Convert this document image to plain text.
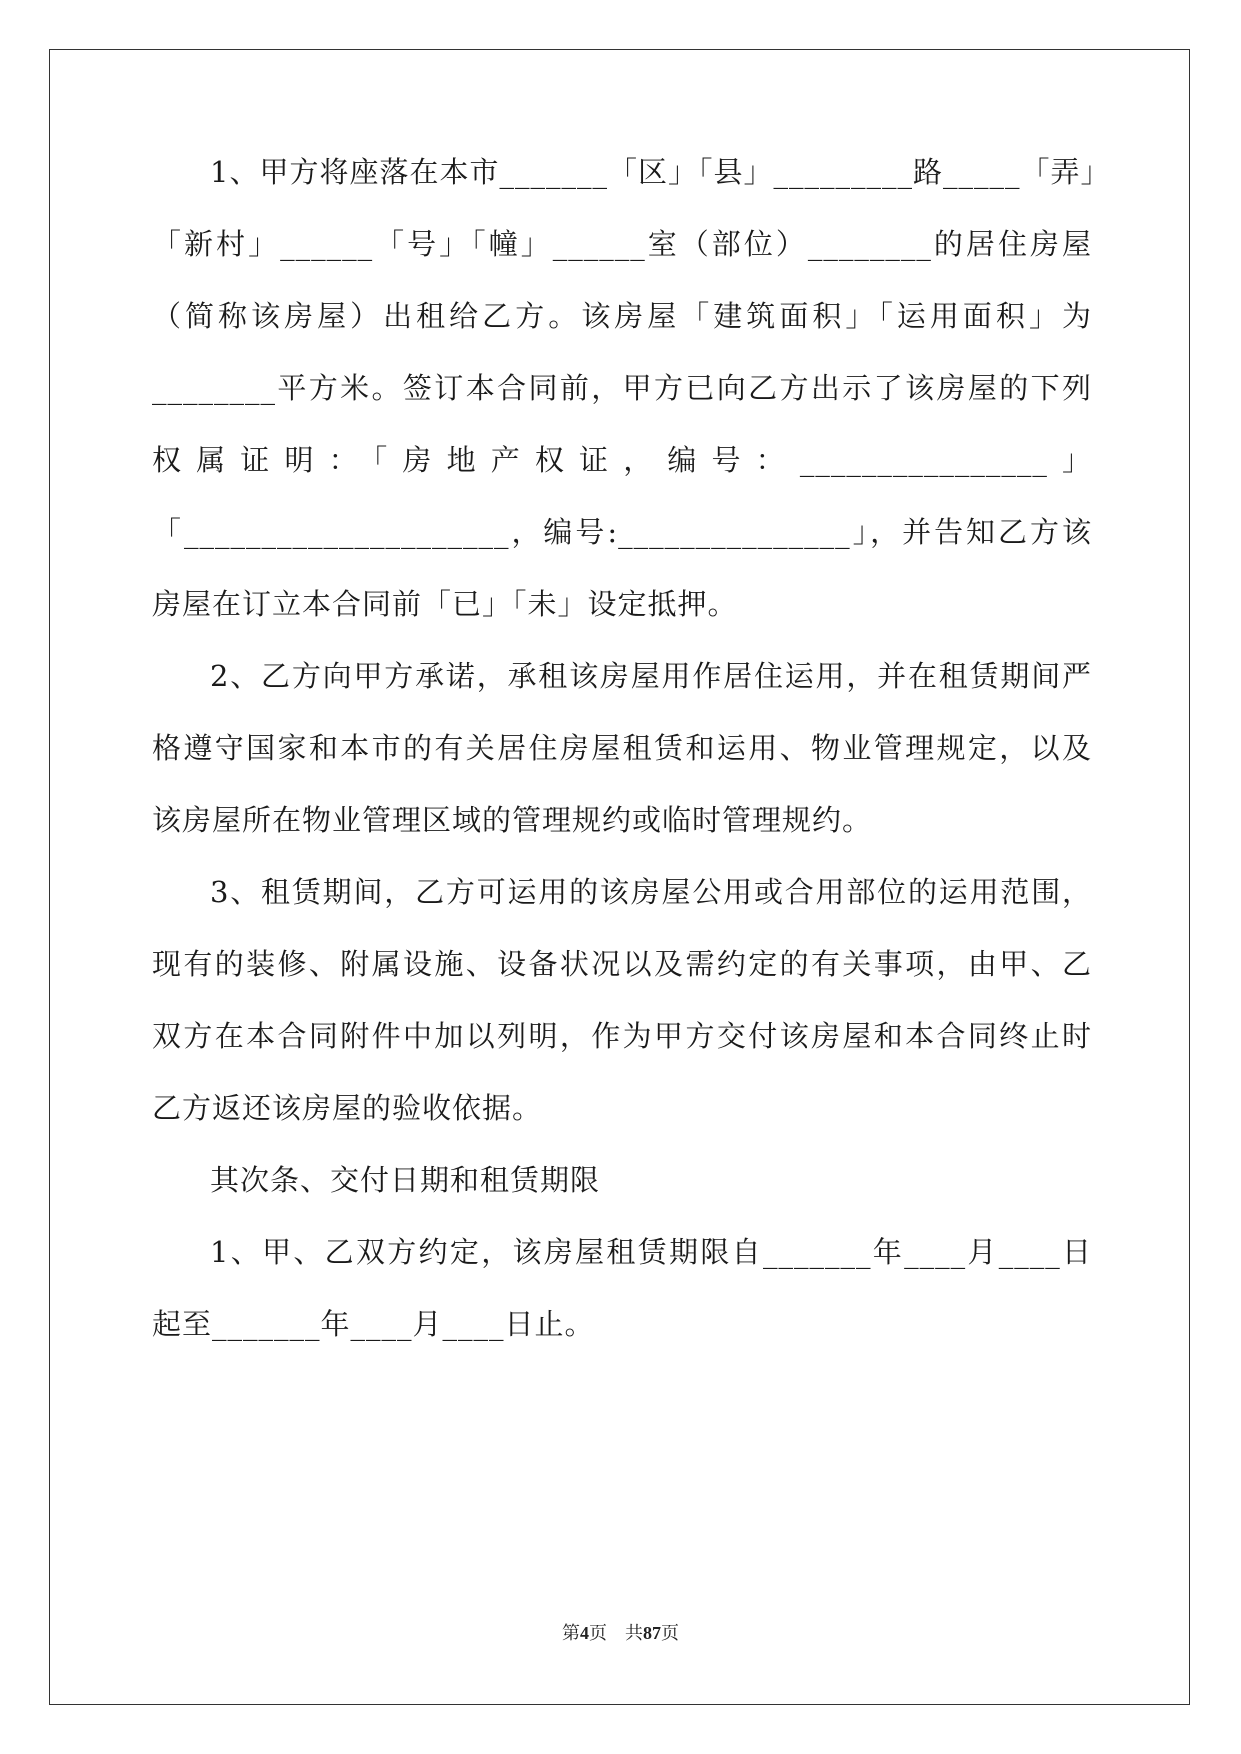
1、甲方将座落在本市_______「区」「县」_________路_____「弄」
「新村」______「号」「幢」______室（部位）________的居住房屋
（简称该房屋）出租给乙方。该房屋「建筑面积」「运用面积」为
________平方米。签订本合同前，甲方已向乙方出示了该房屋的下列
权属证明：「房地产权证，编号：________________」
「_____________________，编号:_______________」，并告知乙方该
房屋在订立本合同前「已」「未」设定抵押。
2、乙方向甲方承诺，承租该房屋用作居住运用，并在租赁期间严
格遵守国家和本市的有关居住房屋租赁和运用、物业管理规定，以及
该房屋所在物业管理区域的管理规约或临时管理规约。
3、租赁期间，乙方可运用的该房屋公用或合用部位的运用范围，
现有的装修、附属设施、设备状况以及需约定的有关事项，由甲、乙
双方在本合同附件中加以列明，作为甲方交付该房屋和本合同终止时
乙方返还该房屋的验收依据。
其次条、交付日期和租赁期限
1、甲、乙双方约定，该房屋租赁期限自_______年____月____日
起至_______年____月____日止。
第4页 共87页
